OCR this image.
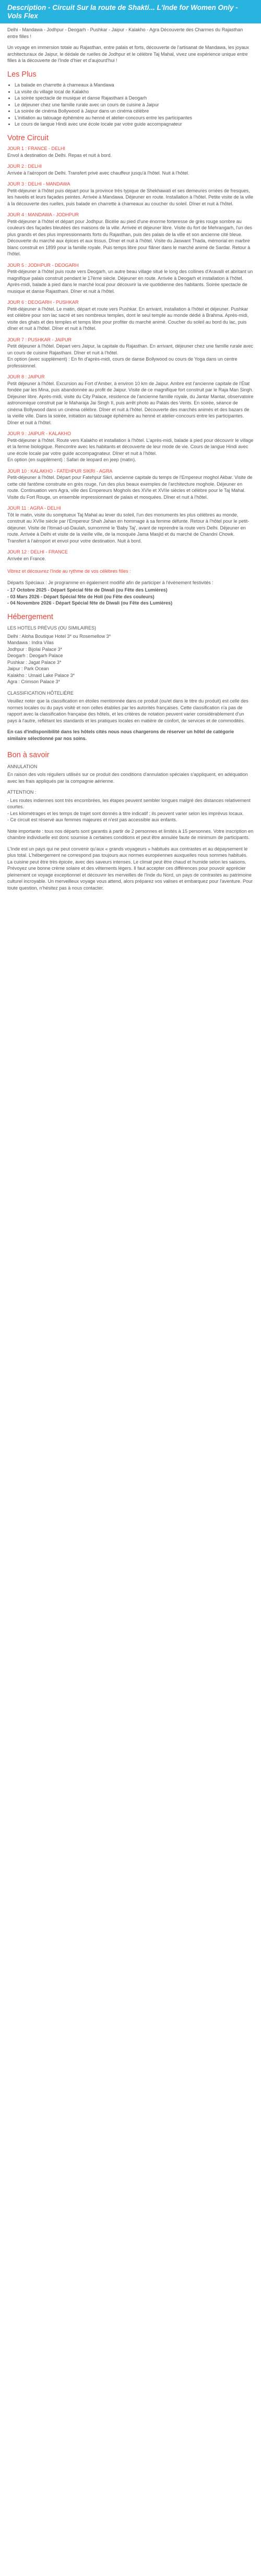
Description - Circuit Sur la route de Shakti... L'Inde for Women Only - Vols Flex

Delhi - Mandawa - Jodhpur - Deogarh - Pushkar - Jaipur - Kalakho - Agra Découverte des Charmes du Rajasthan entre filles !

Un voyage en immersion totale au Rajasthan, entre palais et forts, découverte de l'artisanat de Mandawa, les joyaux architecturaux de Jaipur, le dédale de ruelles de Jodhpur et le célèbre Taj Mahal, vivez une expérience unique entre filles à la découverte de l'Inde d'hier et d'aujourd'hui !

Les Plus
• La balade en charrette à chameaux à Mandawa
• La visite du village local de Kalakho
• La soirée spectacle de musique et danse Rajasthani à Deogarh
• Le déjeuner chez une famille rurale avec un cours de cuisine à Jaipur
• La soirée de cinéma Bollywood à Jaipur dans un cinéma célèbre
• L'initiation au tatouage éphémère au henné et atelier-concours entre les participantes
• Le cours de langue Hindi avec une école locale par votre guide accompagnateur
Votre Circuit

JOUR 1 : FRANCE - DELHI

Envol à destination de Delhi. Repas et nuit à bord.

JOUR 2 : DELHI

Arrivée à l'aéroport de Delhi. Transfert privé avec chauffeur jusqu'à l'hôtel. Nuit à l'hôtel.

JOUR 3 : DELHI - MANDAWA

Petit-déjeuner à l'hôtel puis départ pour la province très typique de Shekhawati et ses demeures ornées de fresques, les havelis et leurs façades peintes. Arrivée à Mandawa. Déjeuner en route. Installation à l'hôtel. Petite visite de la ville à la découverte des ruelles, puis balade en charrette à chameaux au coucher du soleil. Dîner et nuit à l'hôtel.

JOUR 4 : MANDAWA - JODHPUR

Petit-déjeuner à l'hôtel et départ pour Jodhpur. Bicélie au pied d'une énorme forteresse de grès rouge sombre au couleurs des façades bleutées des maisons de la ville. Arrivée et déjeuner libre. Visite du fort de Mehrangarh, l'un des plus grands et des plus impressionnants forts du Rajasthan, puis des palais de la ville et son ancienne cité bleue. Découverte du marché aux épices et aux tissus. Dîner et nuit à l'hôtel. Visite du Jaswant Thada, mémorial en marbre blanc construit en 1899 pour la famille royale. Puis temps libre pour flâner dans le marché animé de Sardar. Retour à l'hôtel.

JOUR 5 : JODHPUR - DEOGARH

Petit-déjeuner à l'hôtel puis route vers Deogarh, un autre beau village situé le long des collines d'Aravalli et abritant un magnifique palais construit pendant le 17ème siècle. Déjeuner en route. Arrivée à Deogarh et installation à l'hôtel. Après-midi, balade à pied dans le marché local pour découvrir la vie quotidienne des habitants. Soirée spectacle de musique et danse Rajasthani. Dîner et nuit à l'hôtel.

JOUR 6 : DEOGARH - PUSHKAR

Petit-déjeuner à l'hôtel. Le matin, départ et route vers Pushkar. En arrivant, installation à l'hôtel et déjeuner. Pushkar est célèbre pour son lac sacré et ses nombreux temples, dont le seul temple au monde dédié à Brahma. Après-midi, visite des ghats et des temples et temps libre pour profiter du marché animé. Coucher du soleil au bord du lac, puis dîner et nuit à l'hôtel. Dîner et nuit à l'hôtel.

JOUR 7 : PUSHKAR - JAIPUR

Petit déjeuner à l'hôtel. Départ vers Jaipur, la capitale du Rajasthan. En arrivant, déjeuner chez une famille rurale avec un cours de cuisine Rajasthani. Dîner et nuit à l'hôtel.
En option (avec supplément) : En fin d'après-midi, cours de danse Bollywood ou cours de Yoga dans un centre professionnel.

JOUR 8 : JAIPUR

Petit déjeuner à l'hôtel. Excursion au Fort d'Amber, à environ 10 km de Jaipur. Ambre est l'ancienne capitale de l'État fondée par les Mina, puis abandonnée au profit de Jaipur. Visite de ce magnifique fort construit par le Raja Man Singh. Déjeuner libre. Après-midi, visite du City Palace, résidence de l'ancienne famille royale, du Jantar Mantar, observatoire astronomique construit par le Maharaja Jai Singh II, puis arrêt photo au Palais des Vents. En soirée, séance de cinéma Bollywood dans un cinéma célèbre. Dîner et nuit à l'hôtel. Découverte des marchés animés et des bazars de la vieille ville. Dans la soirée, initiation au tatouage éphémère au henné et atelier-concours entre les participantes. Dîner et nuit à l'hôtel.

JOUR 9 : JAIPUR - KALAKHO

Petit-déjeuner à l'hôtel. Route vers Kalakho et installation à l'hôtel. L'après-midi, balade à pied pour découvrir le village et la ferme biologique. Rencontre avec les habitants et découverte de leur mode de vie. Cours de langue Hindi avec une école locale par votre guide accompagnateur. Dîner et nuit à l'hôtel.
En option (en supplément) : Safari de leopard en jeep (matin).

JOUR 10 : KALAKHO - FATEHPUR SIKRI - AGRA

Petit-déjeuner à l'hôtel. Départ pour Fatehpur Sikri, ancienne capitale du temps de l'Empereur moghol Akbar. Visite de cette cité fantôme construite en grès rouge, l'un des plus beaux exemples de l'architecture moghole. Déjeuner en route. Continuation vers Agra, ville des Empereurs Moghols des XVIe et XVIIe siècles et célèbre pour le Taj Mahal. Visite du Fort Rouge, un ensemble impressionnant de palais et mosquées. Dîner et nuit à l'hôtel.

JOUR 11 : AGRA - DELHI

Tôt le matin, visite du somptueux Taj Mahal au lever du soleil, l'un des monuments les plus célèbres au monde, construit au XVIIe siècle par l'Empereur Shah Jahan en hommage à sa femme défunte. Retour à l'hôtel pour le petit-déjeuner. Visite de l'Itimad-ud-Daulah, surnommé le 'Baby Taj', avant de reprendre la route vers Delhi. Déjeuner en route. Arrivée à Delhi et visite de la vieille ville, de la mosquée Jama Masjid et du marché de Chandni Chowk. Transfert à l'aéroport et envol pour votre destination. Nuit à bord.

JOUR 12 : DELHI - FRANCE

Arrivée en France.

Vibrez et découvrez l'Inde au rythme de vos célèbres filles :

Départs Spéciaux : Je programme en également modifié afin de participer à l'évènement festivités :

- 17 Octobre 2025 - Départ Spécial fête de Diwali (ou Fête des Lumières)

- 03 Mars 2026 - Départ Spécial fête de Holi (ou Fête des couleurs)

- 04 Novembre 2026 - Départ Spécial fête de Diwali (ou Fête des Lumières)

Hébergement

LES HOTELS PRÉVUS (OU SIMILAIRES)

Delhi : Aloha Boutique Hotel 3* ou Rosemellow 3*

Mandawa : Indra Vilas

Jodhpur : Bijolai Palace 3*

Deogarh : Deogarh Palace

Pushkar : Jagat Palace 3*

Jaipur : Park Ocean

Kalakho : Umaid Lake Palace 3*

Agra : Crimson Palace 3*

CLASSIFICATION HÔTELIÈRE

Veuillez noter que la classification en étoiles mentionnée dans ce produit (ou/et dans le titre du produit) est celle des normes locales ou du pays visité et non celles établies par les autorités françaises. Cette classification n'a pas de rapport avec la classification française des hôtels, et les critères de notation peuvent varier considérablement d'un pays à l'autre, reflétant les standards et les pratiques locales en matière de confort, de services et de commodités.

En cas d'indisponibilité dans les hôtels cités nous nous chargerons de réserver un hôtel de catégorie similaire sélectionné par nos soins.

Bon à savoir

ANNULATION

En raison des vols réguliers utilisés sur ce produit des conditions d'annulation spéciales s'appliquent, en adéquation avec les frais appliqués par la compagnie aérienne.

ATTENTION :

- Les routes indiennes sont très encombrées, les étapes peuvent sembler longues malgré des distances relativement courtes.

- Les kilométrages et les temps de trajet sont donnés à titre indicatif ; ils peuvent varier selon les imprévus locaux.

- Ce circuit est réservé aux femmes majeures et n'est pas accessible aux enfants.

Note importante : tous nos départs sont garantis à partir de 2 personnes et limités à 15 personnes. Votre inscription en chambre individuelle est donc soumise à certaines conditions et peut être annulée faute de minimum de participants.

L'Inde est un pays qui ne peut convenir qu'aux « grands voyageurs » habitués aux contrastes et au dépaysement le plus total. L'hébergement ne correspond pas toujours aux normes européennes auxquelles nous sommes habitués. La cuisine peut être très épicée, avec des saveurs intenses. Le climat peut être chaud et humide selon les saisons. Prévoyez une bonne crème solaire et des vêtements légers. Il faut accepter ces différences pour pouvoir apprécier pleinement ce voyage exceptionnel et découvrir les merveilles de l'Inde du Nord, un pays de contrastes au patrimoine culturel incroyable. Un merveilleux voyage vous attend, alors préparez vos valises et embarquez pour l'aventure. Pour toute question, n'hésitez pas à nous contacter.
